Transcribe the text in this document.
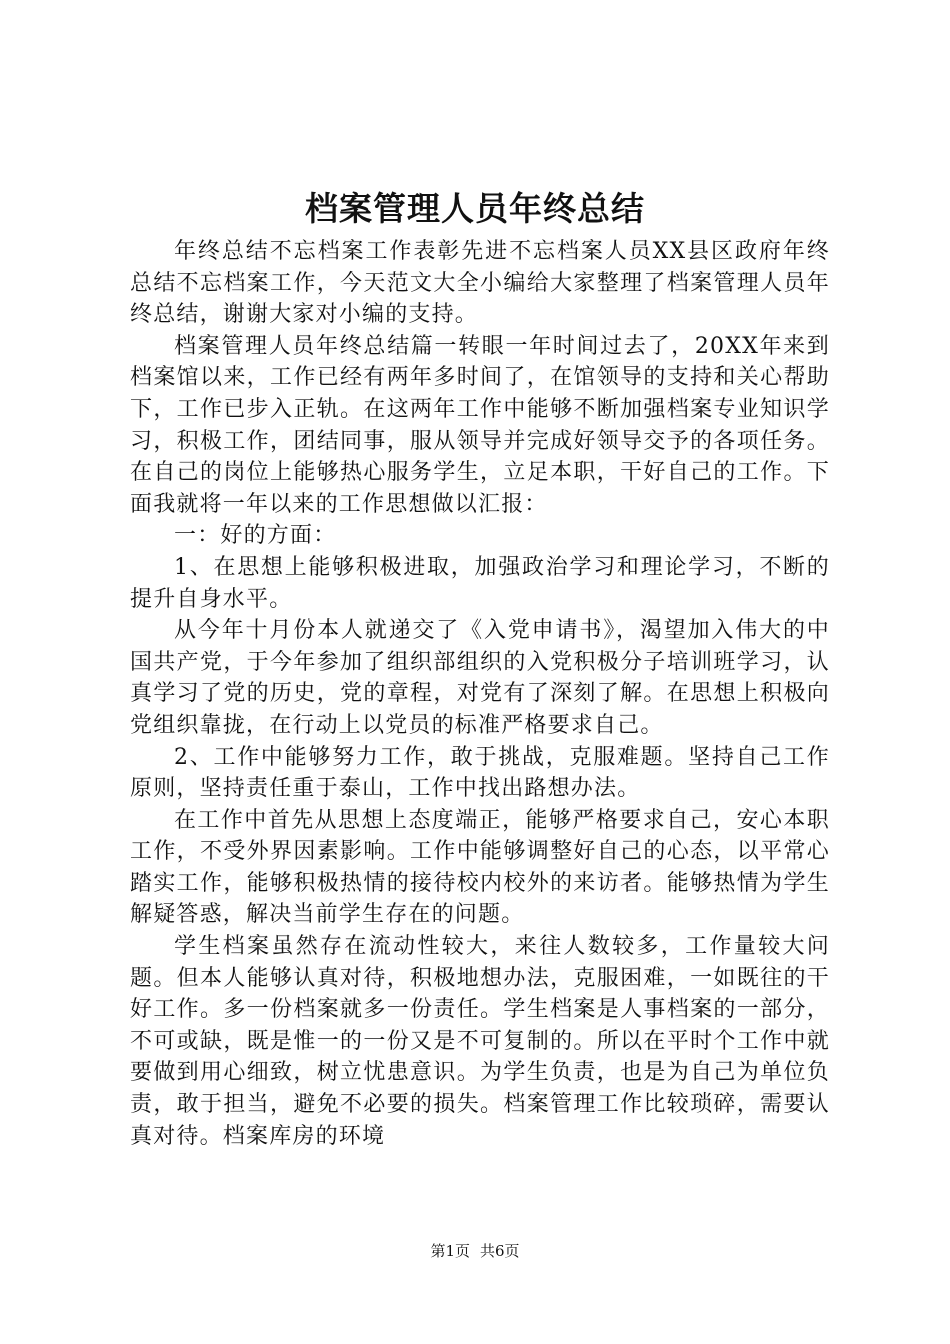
档案管理人员年终总结

年终总结不忘档案工作表彰先进不忘档案人员XX县区政府年终总结不忘档案工作，今天范文大全小编给大家整理了档案管理人员年终总结，谢谢大家对小编的支持。

档案管理人员年终总结篇一转眼一年时间过去了，20XX年来到档案馆以来，工作已经有两年多时间了，在馆领导的支持和关心帮助下，工作已步入正轨。在这两年工作中能够不断加强档案专业知识学习，积极工作，团结同事，服从领导并完成好领导交予的各项任务。在自己的岗位上能够热心服务学生，立足本职，干好自己的工作。下面我就将一年以来的工作思想做以汇报：

一：好的方面：

1、在思想上能够积极进取，加强政治学习和理论学习，不断的提升自身水平。

从今年十月份本人就递交了《入党申请书》，渴望加入伟大的中国共产党，于今年参加了组织部组织的入党积极分子培训班学习，认真学习了党的历史，党的章程，对党有了深刻了解。在思想上积极向党组织靠拢，在行动上以党员的标准严格要求自己。

2、工作中能够努力工作，敢于挑战，克服难题。坚持自己工作原则，坚持责任重于泰山，工作中找出路想办法。

在工作中首先从思想上态度端正，能够严格要求自己，安心本职工作，不受外界因素影响。工作中能够调整好自己的心态，以平常心踏实工作，能够积极热情的接待校内校外的来访者。能够热情为学生解疑答惑，解决当前学生存在的问题。

学生档案虽然存在流动性较大，来往人数较多，工作量较大问题。但本人能够认真对待，积极地想办法，克服困难，一如既往的干好工作。多一份档案就多一份责任。学生档案是人事档案的一部分，不可或缺，既是惟一的一份又是不可复制的。所以在平时个工作中就要做到用心细致，树立忧患意识。为学生负责，也是为自己为单位负责，敢于担当，避免不必要的损失。档案管理工作比较琐碎，需要认真对待。档案库房的环境

第1页 共6页
